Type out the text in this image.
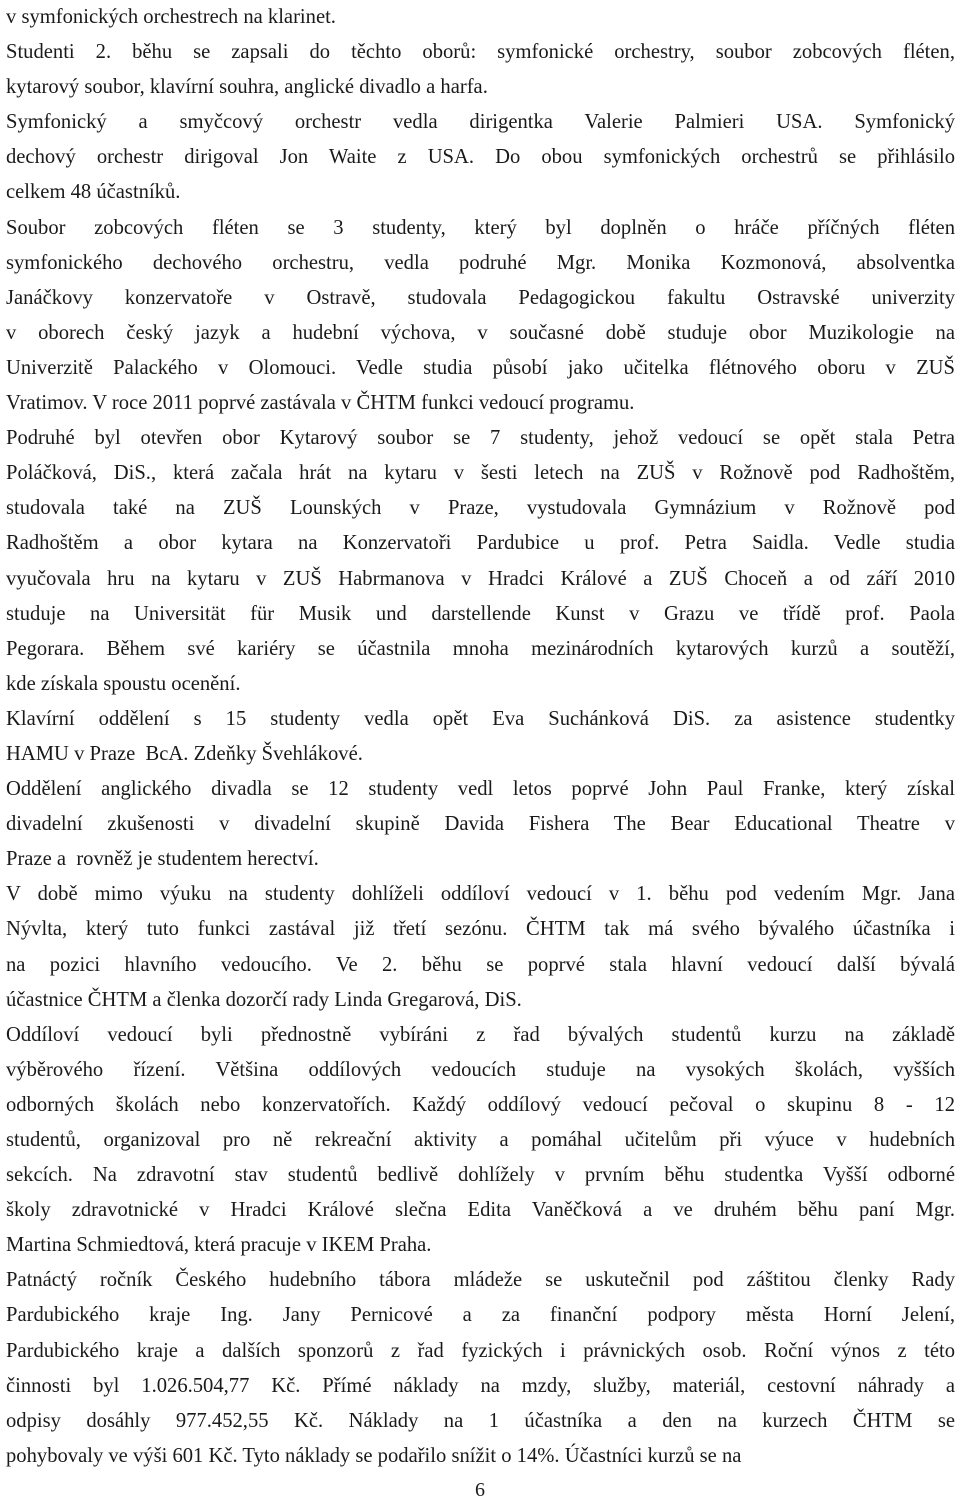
v symfonických orchestrech na klarinet.
Studenti 2. běhu se zapsali do těchto oborů: symfonické orchestry, soubor zobcových fléten,
kytarový soubor, klavírní souhra, anglické divadlo a harfa.
Symfonický a smyčcový orchestr vedla dirigentka Valerie Palmieri USA. Symfonický
dechový orchestr dirigoval Jon Waite z USA. Do obou symfonických orchestrů se přihlásilo
celkem 48 účastníků.
Soubor zobcových fléten se 3 studenty, který byl doplněn o hráče příčných fléten
symfonického dechového orchestru, vedla podruhé Mgr. Monika Kozmonová, absolventka
Janáčkovy konzervatoře v Ostravě, studovala Pedagogickou fakultu Ostravské univerzity
v oborech český jazyk a hudební výchova, v současné době studuje obor Muzikologie na
Univerzitě Palackého v Olomouci. Vedle studia působí jako učitelka flétnového oboru v ZUŠ
Vratimov. V roce 2011 poprvé zastávala v ČHTM funkci vedoucí programu.
Podruhé byl otevřen obor Kytarový soubor se 7 studenty, jehož vedoucí se opět stala Petra
Poláčková, DiS., která začala hrát na kytaru v šesti letech na ZUŠ v Rožnově pod Radhoštěm,
studovala také na ZUŠ Lounských v Praze, vystudovala Gymnázium v Rožnově pod
Radhoštěm a obor kytara na Konzervatoři Pardubice u prof. Petra Saidla. Vedle studia
vyučovala hru na kytaru v ZUŠ Habrmanova v Hradci Králové a ZUŠ Choceň a od září 2010
studuje na Universität für Musik und darstellende Kunst v Grazu ve třídě prof. Paola
Pegorara. Během své kariéry se účastnila mnoha mezinárodních kytarových kurzů a soutěží,
kde získala spoustu ocenění.
Klavírní oddělení s 15 studenty vedla opět Eva Suchánková DiS. za asistence studentky
HAMU v Praze  BcA. Zdeňky Švehlákové.
Oddělení anglického divadla se 12 studenty vedl letos poprvé John Paul Franke, který získal
divadelní zkušenosti v divadelní skupině Davida Fishera The Bear Educational Theatre v
Praze a  rovněž je studentem herectví.
V době mimo výuku na studenty dohlíželi oddíloví vedoucí v 1. běhu pod vedením Mgr. Jana
Nývlta, který tuto funkci zastával již třetí sezónu. ČHTM tak má svého bývalého účastníka i
na pozici hlavního vedoucího. Ve 2. běhu se poprvé stala hlavní vedoucí další bývalá
účastnice ČHTM a členka dozorčí rady Linda Gregarová, DiS.
Oddíloví vedoucí byli přednostně vybíráni z řad bývalých studentů kurzu na základě
výběrového řízení. Většina oddílových vedoucích studuje na vysokých školách, vyšších
odborných školách nebo konzervatořích. Každý oddílový vedoucí pečoval o skupinu 8 - 12
studentů, organizoval pro ně rekreační aktivity a pomáhal učitelům při výuce v hudebních
sekcích. Na zdravotní stav studentů bedlivě dohlížely v prvním běhu studentka Vyšší odborné
školy zdravotnické v Hradci Králové slečna Edita Vaněčková a ve druhém běhu paní Mgr.
Martina Schmiedtová, která pracuje v IKEM Praha.
Patnáctý ročník Českého hudebního tábora mládeže se uskutečnil pod záštitou členky Rady
Pardubického kraje Ing. Jany Pernicové a za finanční podpory města Horní Jelení,
Pardubického kraje a dalších sponzorů z řad fyzických i právnických osob. Roční výnos z této
činnosti byl 1.026.504,77 Kč. Přímé náklady na mzdy, služby, materiál, cestovní náhrady a
odpisy dosáhly 977.452,55 Kč. Náklady na 1 účastníka a den na kurzech ČHTM se
pohybovaly ve výši 601 Kč. Tyto náklady se podařilo snížit o 14%. Účastníci kurzů se na
6
